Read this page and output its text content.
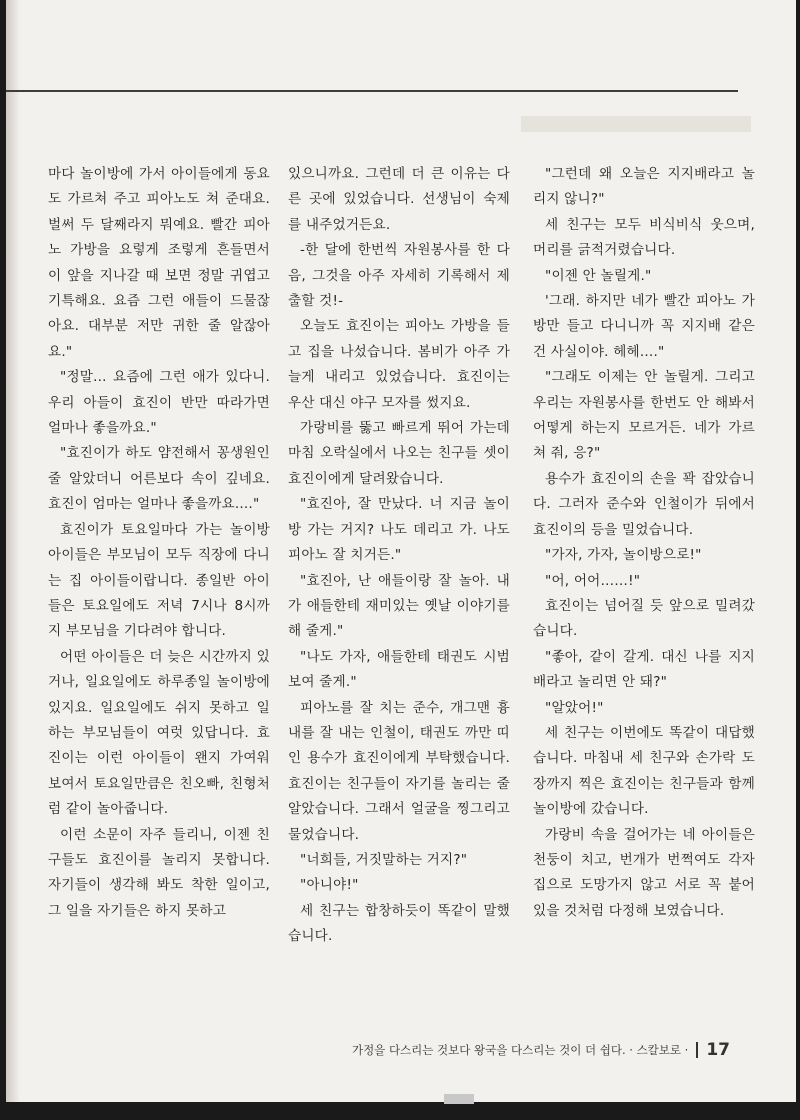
마다 놀이방에 가서 아이들에게 동요도 가르쳐 주고 피아노도 쳐 준대요. 벌써 두 달째라지 뭐예요. 빨간 피아노 가방을 요렇게 조렇게 흔들면서 이 앞을 지나갈 때 보면 정말 귀엽고 기특해요. 요즘 그런 애들이 드물잖아요. 대부분 저만 귀한 줄 알잖아요."

"정말... 요즘에 그런 애가 있다니. 우리 아들이 효진이 반만 따라가면 얼마나 좋을까요."

"효진이가 하도 얌전해서 꽁생원인 줄 알았더니 어른보다 속이 깊네요. 효진이 엄마는 얼마나 좋을까요...."

효진이가 토요일마다 가는 놀이방 아이들은 부모님이 모두 직장에 다니는 집 아이들이랍니다. 종일반 아이들은 토요일에도 저녁 7시나 8시까지 부모님을 기다려야 합니다.

어떤 아이들은 더 늦은 시간까지 있거나, 일요일에도 하루종일 놀이방에 있지요. 일요일에도 쉬지 못하고 일하는 부모님들이 여럿 있답니다. 효진이는 이런 아이들이 왠지 가여워 보여서 토요일만큼은 친오빠, 친형처럼 같이 놀아줍니다.

이런 소문이 자주 들리니, 이젠 친구들도 효진이를 놀리지 못합니다. 자기들이 생각해 봐도 착한 일이고, 그 일을 자기들은 하지 못하고

있으니까요. 그런데 더 큰 이유는 다른 곳에 있었습니다. 선생님이 숙제를 내주었거든요.

-한 달에 한번씩 자원봉사를 한 다음, 그것을 아주 자세히 기록해서 제출할 것!-

오늘도 효진이는 피아노 가방을 들고 집을 나섰습니다. 봄비가 아주 가늘게 내리고 있었습니다. 효진이는 우산 대신 야구 모자를 썼지요.

가랑비를 뚫고 빠르게 뛰어 가는데 마침 오락실에서 나오는 친구들 셋이 효진이에게 달려왔습니다.

"효진아, 잘 만났다. 너 지금 놀이방 가는 거지? 나도 데리고 가. 나도 피아노 잘 치거든."

"효진아, 난 애들이랑 잘 놀아. 내가 애들한테 재미있는 옛날 이야기를 해 줄게."

"나도 가자, 애들한테 태권도 시범 보여 줄게."

피아노를 잘 치는 준수, 개그맨 흉내를 잘 내는 인철이, 태권도 까만 띠인 용수가 효진이에게 부탁했습니다. 효진이는 친구들이 자기를 놀리는 줄 알았습니다. 그래서 얼굴을 찡그리고 물었습니다.

"너희들, 거짓말하는 거지?"

"아니야!"

세 친구는 합창하듯이 똑같이 말했습니다.

"그런데 왜 오늘은 지지배라고 놀리지 않니?"

세 친구는 모두 비식비식 웃으며, 머리를 긁적거렸습니다.

"이젠 안 놀릴게."

'그래. 하지만 네가 빨간 피아노 가방만 들고 다니니까 꼭 지지배 같은 건 사실이야. 헤헤...."

"그래도 이제는 안 놀릴게. 그리고 우리는 자원봉사를 한번도 안 해봐서 어떻게 하는지 모르거든. 네가 가르쳐 줘, 응?"

용수가 효진이의 손을 꽉 잡았습니다. 그러자 준수와 인철이가 뒤에서 효진이의 등을 밀었습니다.

"가자, 가자, 놀이방으로!"

"어, 어어……!"

효진이는 넘어질 듯 앞으로 밀려갔습니다.

"좋아, 같이 갈게. 대신 나를 지지배라고 놀리면 안 돼?"

"알았어!"

세 친구는 이번에도 똑같이 대답했습니다. 마침내 세 친구와 손가락 도장까지 찍은 효진이는 친구들과 함께 놀이방에 갔습니다.

가랑비 속을 걸어가는 네 아이들은 천둥이 치고, 번개가 번쩍여도 각자 집으로 도망가지 않고 서로 꼭 붙어 있을 것처럼 다정해 보였습니다.

가정을 다스리는 것보다 왕국을 다스리는 것이 더 쉽다. · 스칼보로 · 17
